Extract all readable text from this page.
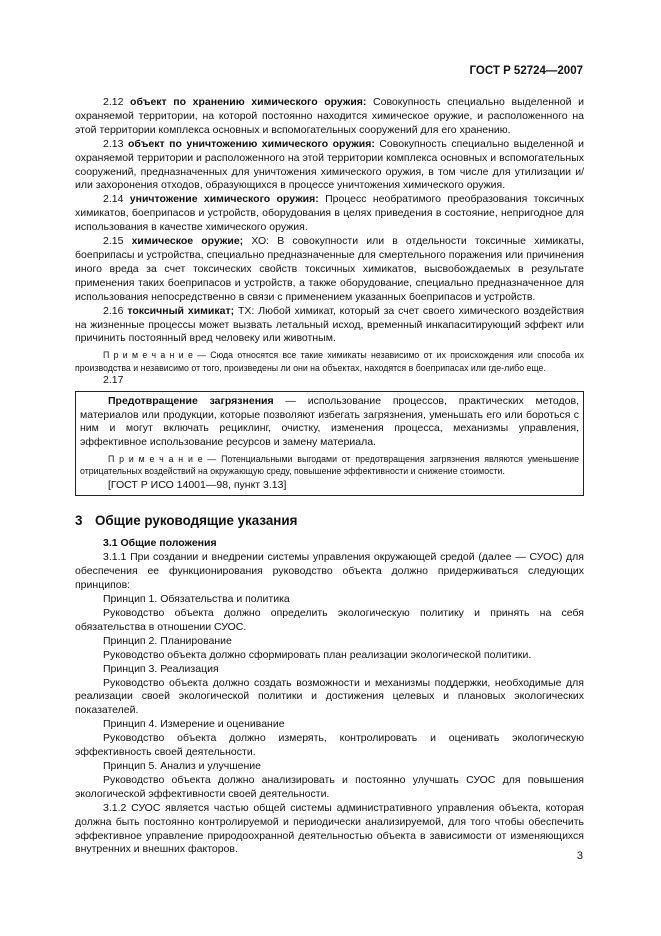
ГОСТ Р 52724—2007

2.12 объект по хранению химического оружия: Совокупность специально выделенной и охраняемой территории, на которой постоянно находится химическое оружие, и расположенного на этой территории комплекса основных и вспомогательных сооружений для его хранению.

2.13 объект по уничтожению химического оружия: Совокупность специально выделенной и охраняемой территории и расположенного на этой территории комплекса основных и вспомогательных сооружений, предназначенных для уничтожения химического оружия, в том числе для утилизации и/или захоронения отходов, образующихся в процессе уничтожения химического оружия.

2.14 уничтожение химического оружия: Процесс необратимого преобразования токсичных химикатов, боеприпасов и устройств, оборудования в целях приведения в состояние, непригодное для использования в качестве химического оружия.

2.15 химическое оружие; ХО: В совокупности или в отдельности токсичные химикаты, боеприпасы и устройства, специально предназначенные для смертельного поражения или причинения иного вреда за счет токсических свойств токсичных химикатов, высвобождаемых в результате применения таких боеприпасов и устройств, а также оборудование, специально предназначенное для использования непосредственно в связи с применением указанных боеприпасов и устройств.

2.16 токсичный химикат; ТХ: Любой химикат, который за счет своего химического воздействия на жизненные процессы может вызвать летальный исход, временный инкапаситирующий эффект или причинить постоянный вред человеку или животным.

П р и м е ч а н и е — Сюда относятся все такие химикаты независимо от их происхождения или способа их производства и независимо от того, произведены ли они на объектах, находятся в боеприпасах или где-либо еще.

2.17

Предотвращение загрязнения — использование процессов, практических методов, материалов или продукции, которые позволяют избегать загрязнения, уменьшать его или бороться с ним и могут включать рециклинг, очистку, изменения процесса, механизмы управления, эффективное использование ресурсов и замену материала.

П р и м е ч а н и е — Потенциальными выгодами от предотвращения загрязнения являются уменьшение отрицательных воздействий на окружающую среду, повышение эффективности и снижение стоимости.

[ГОСТ Р ИСО 14001—98, пункт 3.13]

3 Общие руководящие указания

3.1 Общие положения

3.1.1 При создании и внедрении системы управления окружающей средой (далее — СУОС) для обеспечения ее функционирования руководство объекта должно придерживаться следующих принципов:

Принцип 1. Обязательства и политика

Руководство объекта должно определить экологическую политику и принять на себя обязательства в отношении СУОС.

Принцип 2. Планирование

Руководство объекта должно сформировать план реализации экологической политики.

Принцип 3. Реализация

Руководство объекта должно создать возможности и механизмы поддержки, необходимые для реализации своей экологической политики и достижения целевых и плановых экологических показателей.

Принцип 4. Измерение и оценивание

Руководство объекта должно измерять, контролировать и оценивать экологическую эффективность своей деятельности.

Принцип 5. Анализ и улучшение

Руководство объекта должно анализировать и постоянно улучшать СУОС для повышения экологической эффективности своей деятельности.

3.1.2 СУОС является частью общей системы административного управления объекта, которая должна быть постоянно контролируемой и периодически анализируемой, для того чтобы обеспечить эффективное управление природоохранной деятельностью объекта в зависимости от изменяющихся внутренних и внешних факторов.

3
